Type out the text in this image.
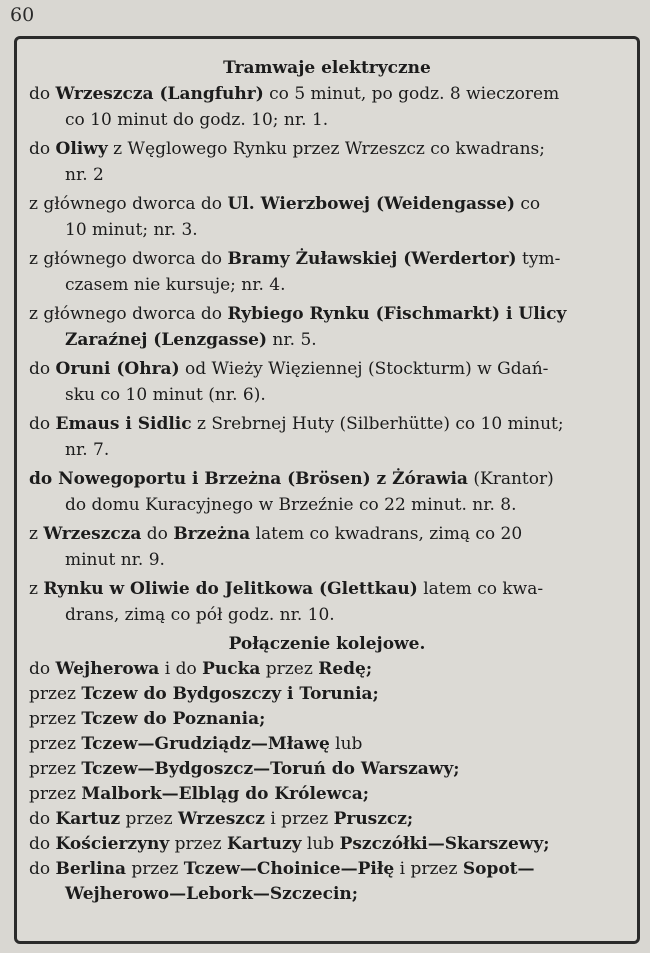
60
Tramwaje elektryczne
do Wrzeszcza (Langfuhr) co 5 minut, po godz. 8 wieczorem
co 10 minut do godz. 10; nr. 1.
do Oliwy z Węglowego Rynku przez Wrzeszcz co kwadrans;
nr. 2
z głównego dworca do Ul. Wierzbowej (Weidengasse) co
10 minut; nr. 3.
z głównego dworca do Bramy Żuławskiej (Werdertor) tym-
czasem nie kursuje; nr. 4.
z głównego dworca do Rybiego Rynku (Fischmarkt) i Ulicy
Zaraźnej (Lenzgasse) nr. 5.
do Oruni (Ohra) od Wieży Więziennej (Stockturm) w Gdań-
sku co 10 minut (nr. 6).
do Emaus i Sidlic z Srebrnej Huty (Silberhütte) co 10 minut;
nr. 7.
do Nowegoportu i Brzeżna (Brösen) z Żórawia (Krantor)
do domu Kuracyjnego w Brzeźnie co 22 minut. nr. 8.
z Wrzeszcza do Brzeżna latem co kwadrans, zimą co 20
minut nr. 9.
z Rynku w Oliwie do Jelitkowa (Glettkau) latem co kwa-
drans, zimą co pół godz. nr. 10.
Połączenie kolejowe.
do Wejherowa i do Pucka przez Redę;
przez Tczew do Bydgoszczy i Torunia;
przez Tczew do Poznania;
przez Tczew—Grudziądz—Mławę lub
przez Tczew—Bydgoszcz—Toruń do Warszawy;
przez Malbork—Elbląg do Królewca;
do Kartuz przez Wrzeszcz i przez Pruszcz;
do Kościerzyny przez Kartuzy lub Pszczółki—Skarszewy;
do Berlina przez Tczew—Choinice—Piłę i przez Sopot—
Wejherowo—Lebork—Szczecin;
